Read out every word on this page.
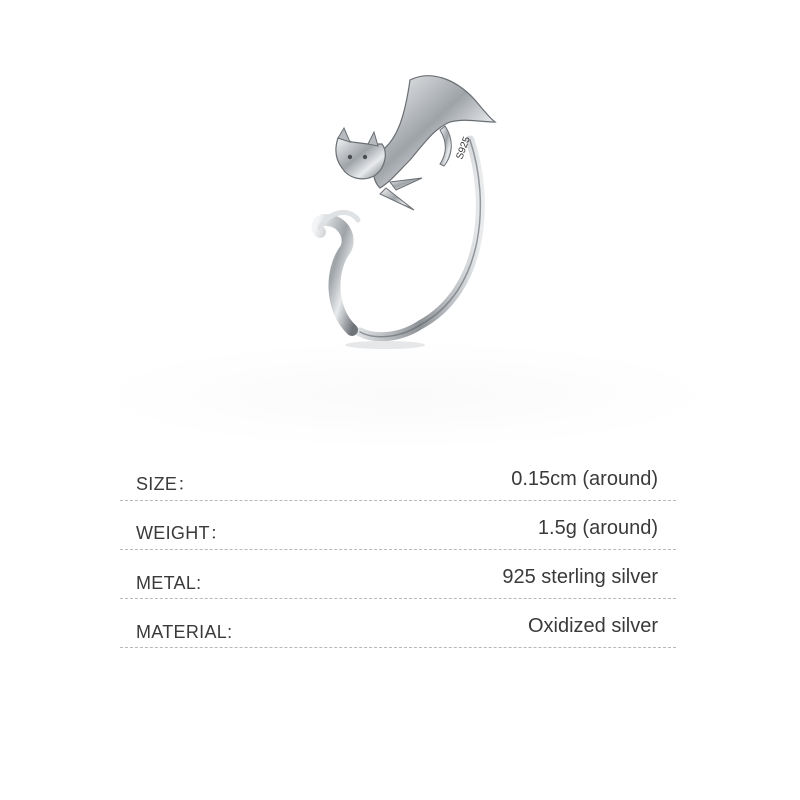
S925
SIZE：	0.15cm (around)
WEIGHT：	1.5g (around)
METAL:	925 sterling silver
MATERIAL:	Oxidized silver
